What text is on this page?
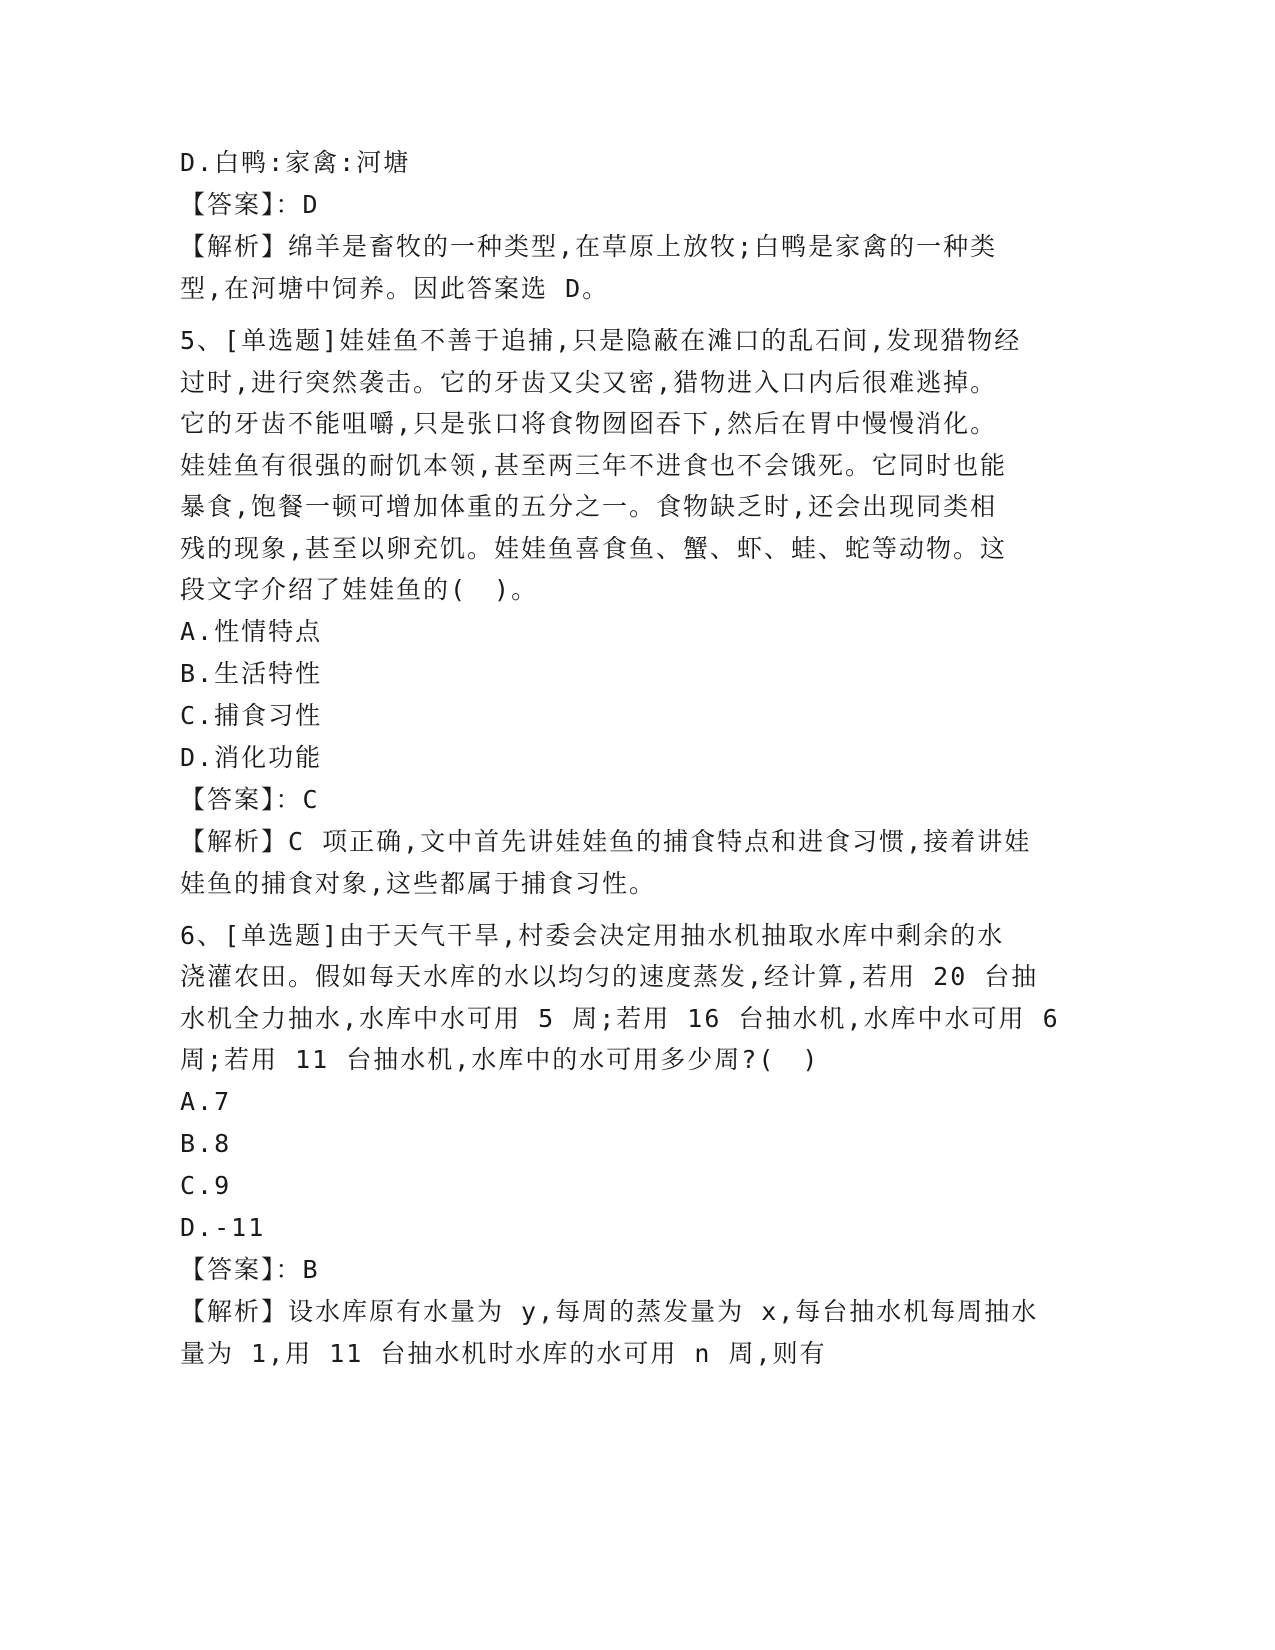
D.白鸭:家禽:河塘
【答案】：D
【解析】绵羊是畜牧的一种类型,在草原上放牧;白鸭是家禽的一种类
型,在河塘中饲养。因此答案选 D。
5、[单选题]娃娃鱼不善于追捕,只是隐蔽在滩口的乱石间,发现猎物经
过时,进行突然袭击。它的牙齿又尖又密,猎物进入口内后很难逃掉。
它的牙齿不能咀嚼,只是张口将食物囫囵吞下,然后在胃中慢慢消化。
娃娃鱼有很强的耐饥本领,甚至两三年不进食也不会饿死。它同时也能
暴食,饱餐一顿可增加体重的五分之一。食物缺乏时,还会出现同类相
残的现象,甚至以卵充饥。娃娃鱼喜食鱼、蟹、虾、蛙、蛇等动物。这
段文字介绍了娃娃鱼的(　)。
A.性情特点
B.生活特性
C.捕食习性
D.消化功能
【答案】：C
【解析】C 项正确,文中首先讲娃娃鱼的捕食特点和进食习惯,接着讲娃
娃鱼的捕食对象,这些都属于捕食习性。
6、[单选题]由于天气干旱,村委会决定用抽水机抽取水库中剩余的水
浇灌农田。假如每天水库的水以均匀的速度蒸发,经计算,若用 20 台抽
水机全力抽水,水库中水可用 5 周;若用 16 台抽水机,水库中水可用 6
周;若用 11 台抽水机,水库中的水可用多少周?(　)
A.7
B.8
C.9
D.-11
【答案】：B
【解析】设水库原有水量为 y,每周的蒸发量为 x,每台抽水机每周抽水
量为 1,用 11 台抽水机时水库的水可用 n 周,则有
